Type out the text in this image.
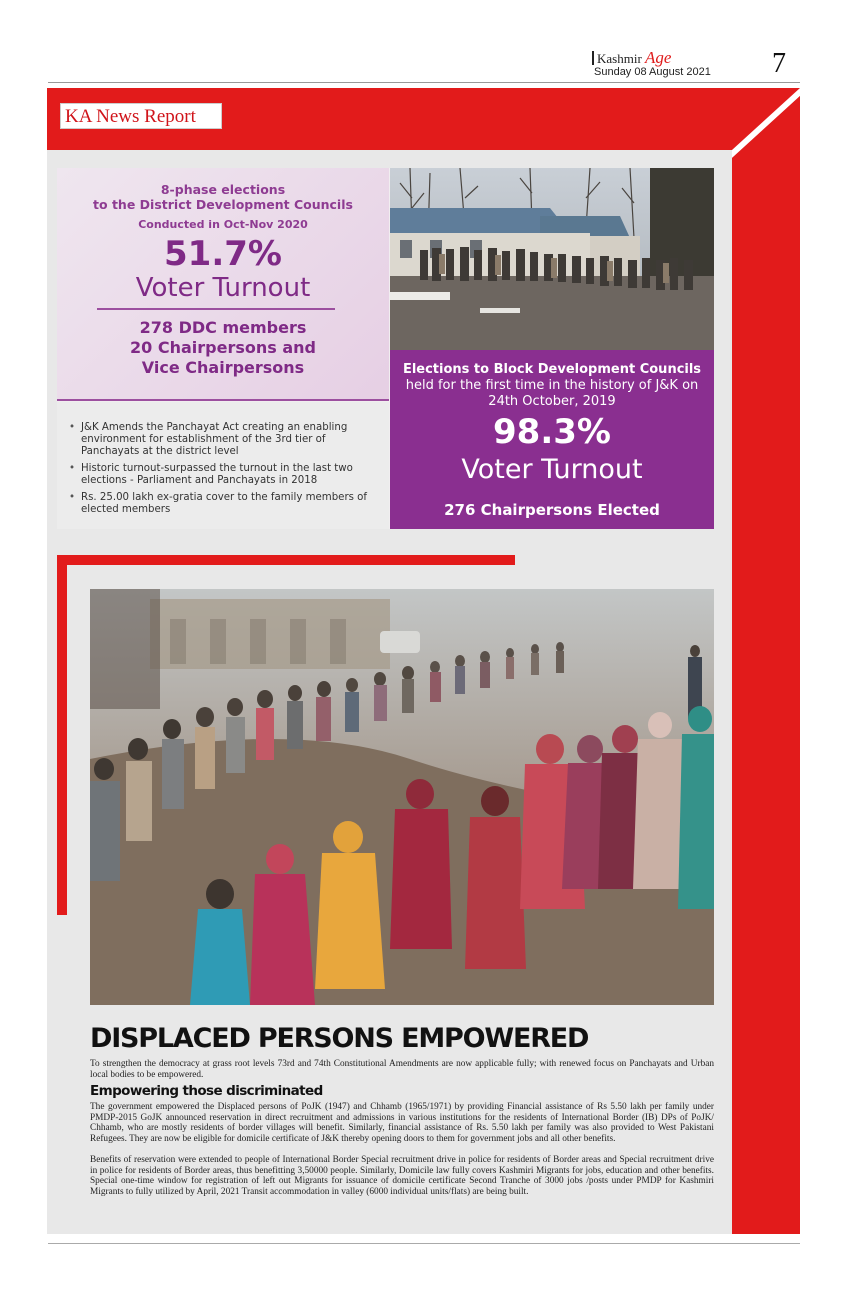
Kashmir Age
Sunday 08 August 2021 7
KA News Report
8-phase elections
to the District Development Councils
Conducted in Oct-Nov 2020
51.7%
Voter Turnout
278 DDC members
20 Chairpersons and
Vice Chairpersons
• J&K Amends the Panchayat Act creating an enabling environment for establishment of the 3rd tier of Panchayats at the district level
• Historic turnout-surpassed the turnout in the last two elections - Parliament and Panchayats in 2018
• Rs. 25.00 lakh ex-gratia cover to the family members of elected members
Elections to Block Development Councils held for the first time in the history of J&K on 24th October, 2019
98.3%
Voter Turnout
276 Chairpersons Elected
DISPLACED PERSONS EMPOWERED
To strengthen the democracy at grass root levels 73rd and 74th Constitutional Amendments are now applicable fully; with renewed focus on Panchayats and Urban local bodies to be empowered.
Empowering those discriminated
The government empowered the Displaced persons of PoJK (1947) and Chhamb (1965/1971) by providing Financial assistance of Rs 5.50 lakh per family under PMDP-2015 GoJK announced reservation in direct recruitment and admissions in various institutions for the residents of International Border (IB) DPs of PoJK/ Chhamb, who are mostly residents of border villages will benefit. Similarly, financial assistance of Rs. 5.50 lakh per family was also provided to West Pakistani Refugees. They are now be eligible for domicile certificate of J&K thereby opening doors to them for government jobs and all other benefits.
Benefits of reservation were extended to people of International Border Special recruitment drive in police for residents of Border areas and Special recruitment drive in police for residents of Border areas, thus benefitting 3,50000 people. Similarly, Domicile law fully covers Kashmiri Migrants for jobs, education and other benefits. Special one-time window for registration of left out Migrants for issuance of domicile certificate Second Tranche of 3000 jobs /posts under PMDP for Kashmiri Migrants to fully utilized by April, 2021 Transit accommodation in valley (6000 individual units/flats) are being built.
